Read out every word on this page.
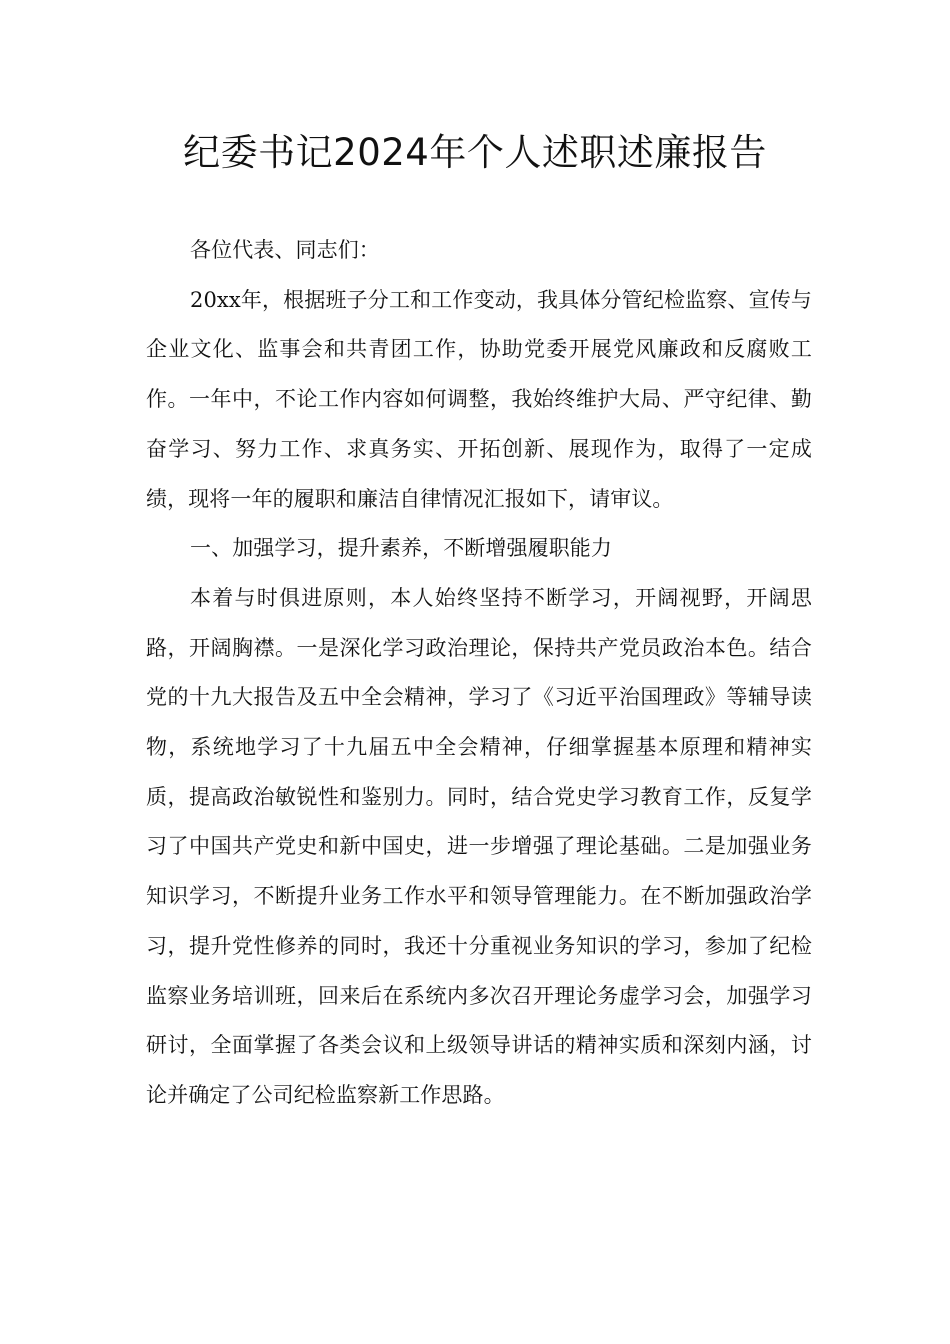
纪委书记2024年个人述职述廉报告

各位代表、同志们：

20xx年，根据班子分工和工作变动，我具体分管纪检监察、宣传与企业文化、监事会和共青团工作，协助党委开展党风廉政和反腐败工作。一年中，不论工作内容如何调整，我始终维护大局、严守纪律、勤奋学习、努力工作、求真务实、开拓创新、展现作为，取得了一定成绩，现将一年的履职和廉洁自律情况汇报如下，请审议。

一、加强学习，提升素养，不断增强履职能力

本着与时俱进原则，本人始终坚持不断学习，开阔视野，开阔思路，开阔胸襟。一是深化学习政治理论，保持共产党员政治本色。结合党的十九大报告及五中全会精神，学习了《习近平治国理政》等辅导读物，系统地学习了十九届五中全会精神，仔细掌握基本原理和精神实质，提高政治敏锐性和鉴别力。同时，结合党史学习教育工作，反复学习了中国共产党史和新中国史，进一步增强了理论基础。二是加强业务知识学习，不断提升业务工作水平和领导管理能力。在不断加强政治学习，提升党性修养的同时，我还十分重视业务知识的学习，参加了纪检监察业务培训班，回来后在系统内多次召开理论务虚学习会，加强学习研讨，全面掌握了各类会议和上级领导讲话的精神实质和深刻内涵，讨论并确定了公司纪检监察新工作思路。
